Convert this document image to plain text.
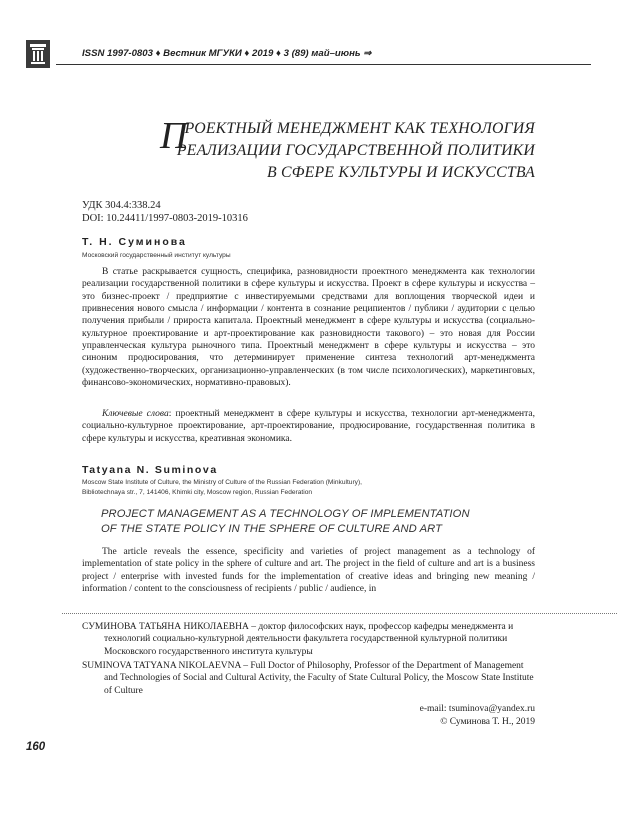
ISSN 1997-0803 ♦ Вестник МГУКИ ♦ 2019 ♦ 3 (89) май–июнь ⇒
П
РОЕКТНЫЙ МЕНЕДЖМЕНТ КАК ТЕХНОЛОГИЯ
РЕАЛИЗАЦИИ ГОСУДАРСТВЕННОЙ ПОЛИТИКИ
В СФЕРЕ КУЛЬТУРЫ И ИСКУССТВА
УДК 304.4:338.24
DOI: 10.24411/1997-0803-2019-10316
Т. Н. Суминова
Московский государственный институт культуры

В статье раскрывается сущность, специфика, разновидности проектного менеджмента как технологии реализации государственной политики в сфере культуры и искусства. Проект в сфере культуры и искусства – это бизнес-проект / предприятие с инвестируемыми средствами для воплощения творческой идеи и привнесения нового смысла / информации / контента в сознание реципиентов / публики / аудитории с целью получения прибыли / прироста капитала. Проектный менеджмент в сфере культуры и искусства (социально-культурное проектирование и арт-проектирование как разновидности такового) – это новая для России управленческая культура рыночного типа. Проектный менеджмент в сфере культуры и искусства – это синоним продюсирования, что детерминирует применение синтеза технологий арт-менеджмента (художественно-творческих, организационно-управленческих (в том числе психологических), маркетинговых, финансово-экономических, нормативно-правовых).

Ключевые слова: проектный менеджмент в сфере культуры и искусства, технологии арт-менеджмента, социально-культурное проектирование, арт-проектирование, продюсирование, государственная политика в сфере культуры и искусства, креативная экономика.
Tatyana N. Suminova
Moscow State Institute of Culture, the Ministry of Culture of the Russian Federation (Minkultury),
Bibliotechnaya str., 7, 141406, Khimki city, Moscow region, Russian Federation
PROJECT MANAGEMENT AS A TECHNOLOGY OF IMPLEMENTATION
OF THE STATE POLICY IN THE SPHERE OF CULTURE AND ART
The article reveals the essence, specificity and varieties of project management as a technology of implementation of state policy in the sphere of culture and art. The project in the field of culture and art is a business project / enterprise with invested funds for the implementation of creative ideas and bringing new meaning / information / content to the consciousness of recipients / public / audience, in
СУМИНОВА ТАТЬЯНА НИКОЛАЕВНА – доктор философских наук, профессор кафедры менеджмента и технологий социально-культурной деятельности факультета государственной культурной политики Московского государственного института культуры
SUMINOVA TATYANA NIKOLAEVNA – Full Doctor of Philosophy, Professor of the Department of Management and Technologies of Social and Cultural Activity, the Faculty of State Cultural Policy, the Moscow State Institute of Culture
e-mail: tsuminova@yandex.ru
© Суминова Т. Н., 2019
160
